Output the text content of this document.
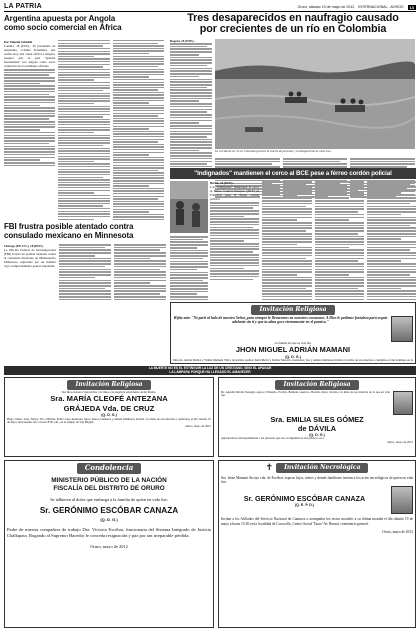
LA PATRIA	Oruro, sábado 19 de mayo de 2012 INTERNACIONAL - AVISOS	13
Argentina apuesta por Angola
como socio comercial en África
Por Manuel Schmidt

Luanda, 18 (EFE).- El presidente de Argentina, Cristina Fernández, que realiza hoy una visita oficial a Angola, aseguró que su país "apuesta fuertemente" por Angola como socio comercial en el continente africano.

Tres desaparecidos en naufragio causado
por crecientes de un río en Colombia
Bogotá, 18 (EFE).-
La crecida de un río en Colombia provocó la muerte de personas y la desaparición de otras tres.
"Indignados" mantienen el cerco al BCE pese a férreo cordón policial
Berlín, 18 (EFE).-

Los "indignados" mantienen el cerco al Banco Central Europeo (BCE) en Fráncfort pese al férreo cordón policial.

FBI frustra posible atentado contra
consulado mexicano en Minnesota
Chicago (EE.UU.), 18 (EFE).-

La Oficina Federal de Investigaciones (FBI) frustró un posible atentado contra el consulado mexicano en Minneapolis, Minnesota, ingresado por un hombre cuyo comportamiento generó inquietud.

Invitación Religiosa
Hijito mío: "Yo partí al lado de nuestro Señor, para siempre le llevaremos en nuestros corazones. A Dios le pedimos fortaleza para seguir adelante sin ti y que tu alma goce eternamente en el paraíso."
La familia del que en vida fue:
JHON MIGUEL ADRIÁN MAMANI
(Q. D. G.)
Marcelo Adrián Muñoz y Wilma Mamani Villca de Adrián, padres; Abril Melvi y Kymar Marcelo, hermanos; tías y demás familiares invitan a la misa de recordación a cumplirse el día domingo en la Parroquia de San Pedro. A todas las personas que nos acompañen en este acto de fe, anticipamos nuestro agradecimiento.
LA MUERTE NO ES EL EXTINGUIR LA LUZ DE UN CRISTIANO, SINO EL APAGAR
LA LÁMPARA PORQUE HA LLEGADO EL AMANECER
Invitación Religiosa
Sus hijos tienen a bien invitar a la misa a la angelical edad tierna de mi Madre.
Sra. MARÍA CLEOFÉ ANTEZANA
GRÁJEDA Vda. DE CRUZ
(Q. D. G.)
Hugo, Omar, Luis, Nancy, Tito, Marilia, Pedro Cruz Antezana, hijos; nietos, bisnietos y demás familiares invitan a la misa de recordación a celebrarse el día viernes 25 de mayo del presente año a horas 8:30 a.m., en el templo de San Miguel.
Oruro, mayo de 2012
Invitación Religiosa
Dr. Agustín Dávila Jáuregui, esposo; Eduardo, Evelyn, Belinda, Gustavo, Hernán, hijos; invitan a la misa de recordación de la que en vida fue:
Sra. EMILIA SILES GÓMEZ
de DÁVILA
(Q. D. G.)
Agradecemos anticipadamente a las personas que nos acompañen en tan piadoso acto.
Oruro, mayo de 2012
Condolencia
MINISTERIO PÚBLICO DE LA NACIÓN
FISCALÍA DEL DISTRITO DE ORURO
Se adhieren al dolor que embarga a la familia de quien en vida fue:
Sr. GERÓNIMO ESCÓBAR CANAZA
(Q. D. G.)
Padre de nuestra compañera de trabajo Dra. Victoria Escóbar, funcionaria del Sistema Integrado de Justicia Chállapata. Rogando al Supremo Hacedor le conceda resignación y paz por tan irreparable pérdida.
Oruro, mayo de 2012
✝	Invitación Necrológica
Sra. Irene Mamani Arroyo vda. de Escóbar, esposa; hijos, nietos y demás familiares invitan a los actos necrológicos de quien en vida fue:
Sr. GERÓNIMO ESCÓBAR CANAZA
(Q. E. P. D.)
Invitan a los Afiliados del Servicio Nacional de Caminos a acompañar los restos mortales a su última morada el día sábado 19 de mayo a horas 15:30 en la localidad de Corocollo, Centro Social 'Tauro' Av. Bernal, cementerio general.
Oruro, mayo de 2012
